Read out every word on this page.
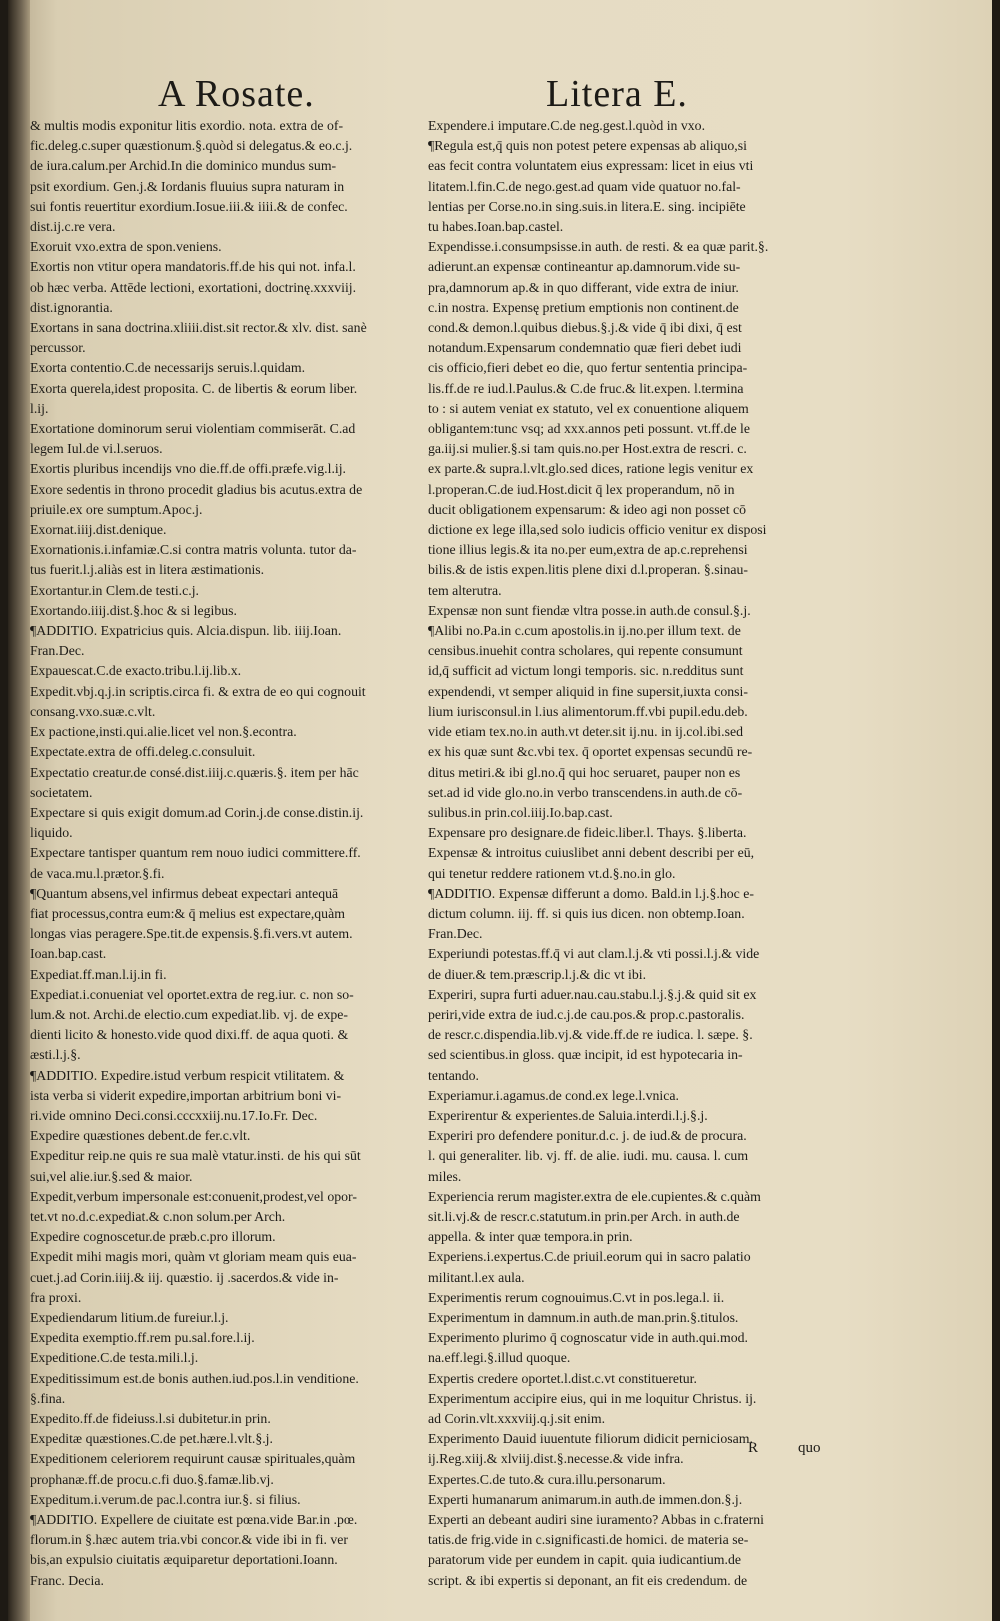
A Rosate.	Litera E.
& multis modis exponitur litis exordio. nota. extra de of-
fic.deleg.c.super quæstionum.§.quòd si delegatus.& eo.c.j.
de iura.calum.per Archid.In die dominico mundus sum-
psit exordium. Gen.j.& Iordanis fluuius supra naturam in
sui fontis reuertitur exordium.Iosue.iii.& iiii.& de confec.
dist.ij.c.re vera.
Exoruit vxo.extra de spon.veniens.
Exortis non vtitur opera mandatoris.ff.de his qui not. infa.l.
ob hæc verba. Attēde lectioni, exortationi, doctrinę.xxxviij.
dist.ignorantia.
Exortans in sana doctrina.xliiii.dist.sit rector.& xlv. dist. sanè
percussor.
Exorta contentio.C.de necessarijs seruis.l.quidam.
Exorta querela,idest proposita. C. de libertis & eorum liber.
l.ij.
Exortatione dominorum serui violentiam commiserāt. C.ad
legem Iul.de vi.l.seruos.
Exortis pluribus incendijs vno die.ff.de offi.præfe.vig.l.ij.
Exore sedentis in throno procedit gladius bis acutus.extra de
priuile.ex ore sumptum.Apoc.j.
Exornat.iiij.dist.denique.
Exornationis.i.infamiæ.C.si contra matris volunta. tutor da-
tus fuerit.l.j.aliàs est in litera æstimationis.
Exortantur.in Clem.de testi.c.j.
Exortando.iiij.dist.§.hoc & si legibus.
¶ADDITIO. Expatricius quis. Alcia.dispun. lib. iiij.Ioan.
Fran.Dec.
Expauescat.C.de exacto.tribu.l.ij.lib.x.
Expedit.vbj.q.j.in scriptis.circa fi. & extra de eo qui cognouit
consang.vxo.suæ.c.vlt.
Ex pactione,insti.qui.alie.licet vel non.§.econtra.
Expectate.extra de offi.deleg.c.consuluit.
Expectatio creatur.de consé.dist.iiij.c.quæris.§. item per hāc
societatem.
Expectare si quis exigit domum.ad Corin.j.de conse.distin.ij.
liquido.
Expectare tantisper quantum rem nouo iudici committere.ff.
de vaca.mu.l.prætor.§.fi.
¶Quantum absens,vel infirmus debeat expectari antequā
fiat processus,contra eum:& q̄ melius est expectare,quàm
longas vias peragere.Spe.tit.de expensis.§.fi.vers.vt autem.
Ioan.bap.cast.
Expediat.ff.man.l.ij.in fi.
Expediat.i.conueniat vel oportet.extra de reg.iur. c. non so-
lum.& not. Archi.de electio.cum expediat.lib. vj. de expe-
dienti licito & honesto.vide quod dixi.ff. de aqua quoti. &
æsti.l.j.§.
¶ADDITIO. Expedire.istud verbum respicit vtilitatem. &
ista verba si viderit expedire,importan arbitrium boni vi-
ri.vide omnino Deci.consi.cccxxiij.nu.17.Io.Fr. Dec.
Expedire quæstiones debent.de fer.c.vlt.
Expeditur reip.ne quis re sua malè vtatur.insti. de his qui sūt
sui,vel alie.iur.§.sed & maior.
Expedit,verbum impersonale est:conuenit,prodest,vel opor-
tet.vt no.d.c.expediat.& c.non solum.per Arch.
Expedire cognoscetur.de præb.c.pro illorum.
Expedit mihi magis mori, quàm vt gloriam meam quis eua-
cuet.j.ad Corin.iiij.& iij. quæstio. ij .sacerdos.& vide in-
fra proxi.
Expediendarum litium.de fureiur.l.j.
Expedita exemptio.ff.rem pu.sal.fore.l.ij.
Expeditione.C.de testa.mili.l.j.
Expeditissimum est.de bonis authen.iud.pos.l.in venditione.
§.fina.
Expedito.ff.de fideiuss.l.si dubitetur.in prin.
Expeditæ quæstiones.C.de pet.hære.l.vlt.§.j.
Expeditionem celeriorem requirunt causæ spirituales,quàm
prophanæ.ff.de procu.c.fi duo.§.famæ.lib.vj.
Expeditum.i.verum.de pac.l.contra iur.§. si filius.
¶ADDITIO. Expellere de ciuitate est pœna.vide Bar.in .pœ.
florum.in §.hæc autem tria.vbi concor.& vide ibi in fi. ver
bis,an expulsio ciuitatis æquiparetur deportationi.Ioann.
Franc. Decia.
Expendere.i imputare.C.de neg.gest.l.quòd in vxo.
¶Regula est,q̄ quis non potest petere expensas ab aliquo,si
eas fecit contra voluntatem eius expressam: licet in eius vti
litatem.l.fin.C.de nego.gest.ad quam vide quatuor no.fal-
lentias per Corse.no.in sing.suis.in litera.E. sing. incipiēte
tu habes.Ioan.bap.castel.
Expendisse.i.consumpsisse.in auth. de resti. & ea quæ parit.§.
adierunt.an expensæ contineantur ap.damnorum.vide su-
pra,damnorum ap.& in quo differant, vide extra de iniur.
c.in nostra. Expensę pretium emptionis non continent.de
cond.& demon.l.quibus diebus.§.j.& vide q̄ ibi dixi, q̄ est
notandum.Expensarum condemnatio quæ fieri debet iudi
cis officio,fieri debet eo die, quo fertur sententia principa-
lis.ff.de re iud.l.Paulus.& C.de fruc.& lit.expen. l.termina
to : si autem veniat ex statuto, vel ex conuentione aliquem
obligantem:tunc vsq; ad xxx.annos peti possunt. vt.ff.de le
ga.iij.si mulier.§.si tam quis.no.per Host.extra de rescri. c.
ex parte.& supra.l.vlt.glo.sed dices, ratione legis venitur ex
l.properan.C.de iud.Host.dicit q̄ lex properandum, nō in
ducit obligationem expensarum: & ideo agi non posset cō
dictione ex lege illa,sed solo iudicis officio venitur ex disposi
tione illius legis.& ita no.per eum,extra de ap.c.reprehensi
bilis.& de istis expen.litis plene dixi d.l.properan. §.sinau-
tem alterutra.
Expensæ non sunt fiendæ vltra posse.in auth.de consul.§.j.
¶Alibi no.Pa.in c.cum apostolis.in ij.no.per illum text. de
censibus.inuehit contra scholares, qui repente consumunt
id,q̄ sufficit ad victum longi temporis. sic. n.redditus sunt
expendendi, vt semper aliquid in fine supersit,iuxta consi-
lium iurisconsul.in l.ius alimentorum.ff.vbi pupil.edu.deb.
vide etiam tex.no.in auth.vt deter.sit ij.nu. in ij.col.ibi.sed
ex his quæ sunt &c.vbi tex. q̄ oportet expensas secundū re-
ditus metiri.& ibi gl.no.q̄ qui hoc seruaret, pauper non es
set.ad id vide glo.no.in verbo transcendens.in auth.de cō-
sulibus.in prin.col.iiij.Io.bap.cast.
Expensare pro designare.de fideic.liber.l. Thays. §.liberta.
Expensæ & introitus cuiuslibet anni debent describi per eū,
qui tenetur reddere rationem vt.d.§.no.in glo.
¶ADDITIO. Expensæ differunt a domo. Bald.in l.j.§.hoc e-
dictum column. iij. ff. si quis ius dicen. non obtemp.Ioan.
Fran.Dec.
Experiundi potestas.ff.q̄ vi aut clam.l.j.& vti possi.l.j.& vide
de diuer.& tem.præscrip.l.j.& dic vt ibi.
Experiri, supra furti aduer.nau.cau.stabu.l.j.§.j.& quid sit ex
periri,vide extra de iud.c.j.de cau.pos.& prop.c.pastoralis.
de rescr.c.dispendia.lib.vj.& vide.ff.de re iudica. l. sæpe. §.
sed scientibus.in gloss. quæ incipit, id est hypotecaria in-
tentando.
Experiamur.i.agamus.de cond.ex lege.l.vnica.
Experirentur & experientes.de Saluia.interdi.l.j.§.j.
Experiri pro defendere ponitur.d.c. j. de iud.& de procura.
l. qui generaliter. lib. vj. ff. de alie. iudi. mu. causa. l. cum
miles.
Experiencia rerum magister.extra de ele.cupientes.& c.quàm
sit.li.vj.& de rescr.c.statutum.in prin.per Arch. in auth.de
appella. & inter quæ tempora.in prin.
Experiens.i.expertus.C.de priuil.eorum qui in sacro palatio
militant.l.ex aula.
Experimentis rerum cognouimus.C.vt in pos.lega.l. ii.
Experimentum in damnum.in auth.de man.prin.§.titulos.
Experimento plurimo q̄ cognoscatur vide in auth.qui.mod.
na.eff.legi.§.illud quoque.
Expertis credere oportet.l.dist.c.vt constitueretur.
Experimentum accipire eius, qui in me loquitur Christus. ij.
ad Corin.vlt.xxxviij.q.j.sit enim.
Experimento Dauid iuuentute filiorum didicit perniciosam.
ij.Reg.xiij.& xlviij.dist.§.necesse.& vide infra.
Expertes.C.de tuto.& cura.illu.personarum.
Experti humanarum animarum.in auth.de immen.don.§.j.
Experti an debeant audiri sine iuramento? Abbas in c.fraterni
tatis.de frig.vide in c.significasti.de homici. de materia se-
paratorum vide per eundem in capit. quia iudicantium.de
script. & ibi expertis si deponant, an fit eis credendum. de
R	quo
